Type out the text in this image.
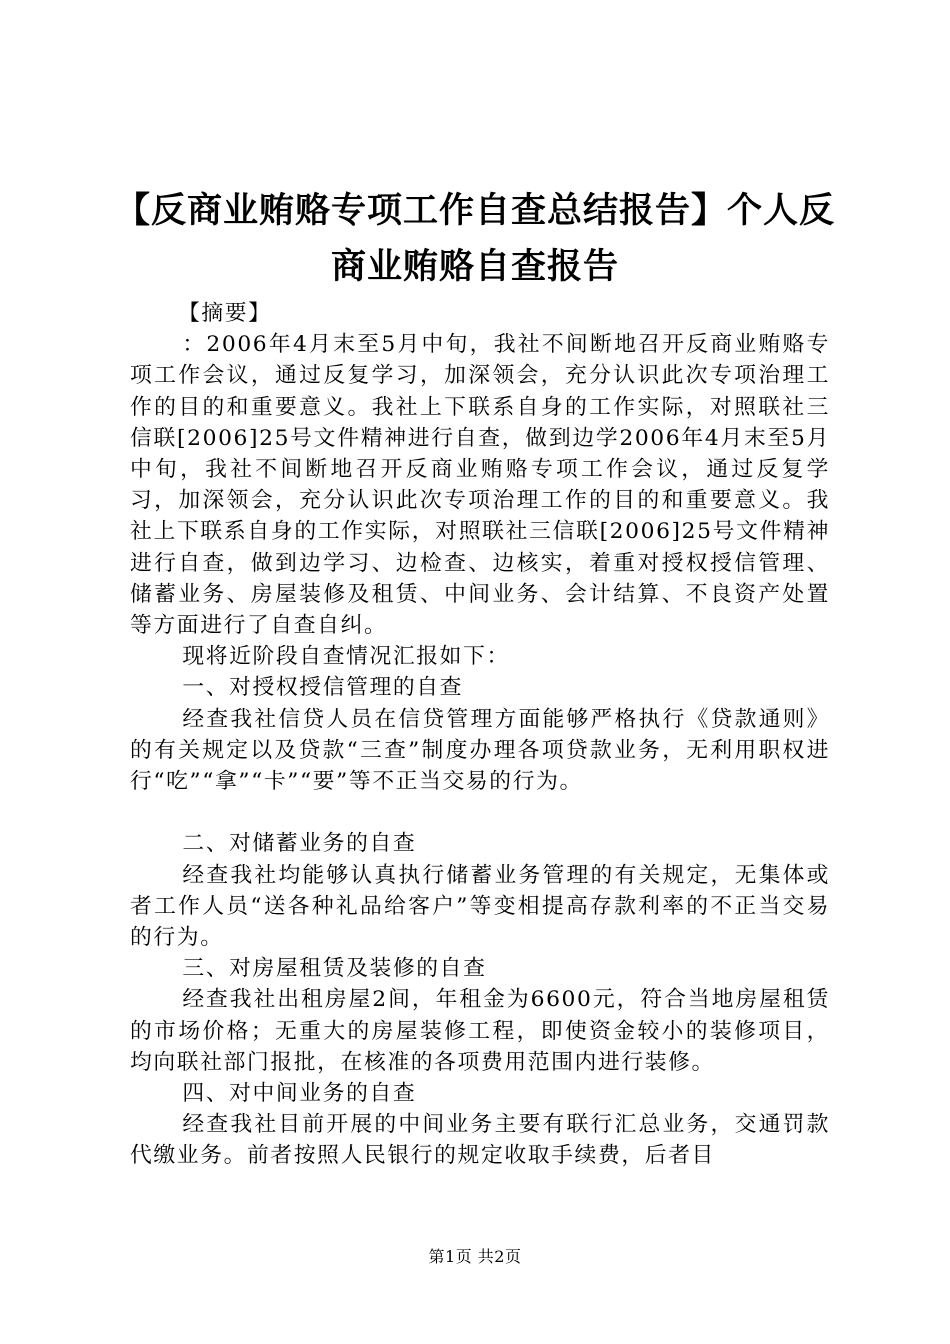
【反商业贿赂专项工作自查总结报告】个人反
商业贿赂自查报告

【摘要】

：2006年4月末至5月中旬，我社不间断地召开反商业贿赂专项工作会议，通过反复学习，加深领会，充分认识此次专项治理工作的目的和重要意义。我社上下联系自身的工作实际，对照联社三信联[2006]25号文件精神进行自查，做到边学2006年4月末至5月中旬，我社不间断地召开反商业贿赂专项工作会议，通过反复学习，加深领会，充分认识此次专项治理工作的目的和重要意义。我社上下联系自身的工作实际，对照联社三信联[2006]25号文件精神进行自查，做到边学习、边检查、边核实，着重对授权授信管理、储蓄业务、房屋装修及租赁、中间业务、会计结算、不良资产处置等方面进行了自查自纠。

现将近阶段自查情况汇报如下：

一、对授权授信管理的自查

经查我社信贷人员在信贷管理方面能够严格执行《贷款通则》的有关规定以及贷款“三查”制度办理各项贷款业务，无利用职权进行“吃”“拿”“卡”“要”等不正当交易的行为。

二、对储蓄业务的自查

经查我社均能够认真执行储蓄业务管理的有关规定，无集体或者工作人员“送各种礼品给客户”等变相提高存款利率的不正当交易的行为。

三、对房屋租赁及装修的自查

经查我社出租房屋2间，年租金为6600元，符合当地房屋租赁的市场价格；无重大的房屋装修工程，即使资金较小的装修项目，均向联社部门报批，在核准的各项费用范围内进行装修。

四、对中间业务的自查

经查我社目前开展的中间业务主要有联行汇总业务，交通罚款代缴业务。前者按照人民银行的规定收取手续费，后者目

第1页 共2页
